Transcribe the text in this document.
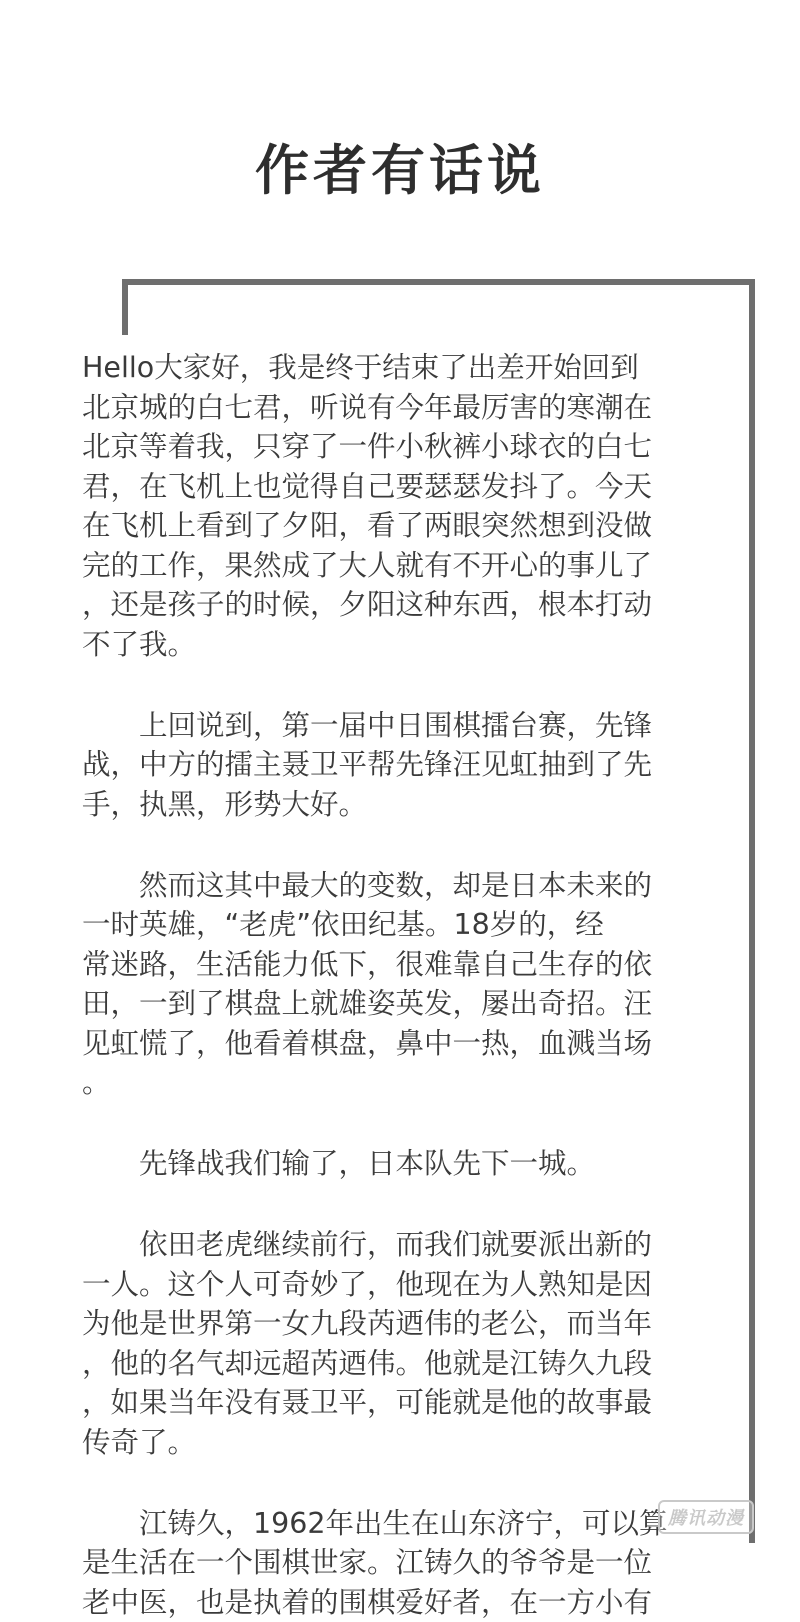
作者有话说
Hello大家好，我是终于结束了出差开始回到
北京城的白七君，听说有今年最厉害的寒潮在
北京等着我，只穿了一件小秋裤小球衣的白七
君，在飞机上也觉得自己要瑟瑟发抖了。今天
在飞机上看到了夕阳，看了两眼突然想到没做
完的工作，果然成了大人就有不开心的事儿了
，还是孩子的时候，夕阳这种东西，根本打动
不了我。
　　上回说到，第一届中日围棋擂台赛，先锋
战，中方的擂主聂卫平帮先锋汪见虹抽到了先
手，执黑，形势大好。
　　然而这其中最大的变数，却是日本未来的
一时英雄，“老虎”依田纪基。18岁的，经
常迷路，生活能力低下，很难靠自己生存的依
田，一到了棋盘上就雄姿英发，屡出奇招。汪
见虹慌了，他看着棋盘，鼻中一热，血溅当场
。
　　先锋战我们输了，日本队先下一城。
　　依田老虎继续前行，而我们就要派出新的
一人。这个人可奇妙了，他现在为人熟知是因
为他是世界第一女九段芮迺伟的老公，而当年
，他的名气却远超芮迺伟。他就是江铸久九段
，如果当年没有聂卫平，可能就是他的故事最
传奇了。
　　江铸久，1962年出生在山东济宁，可以算
是生活在一个围棋世家。江铸久的爷爷是一位
老中医，也是执着的围棋爱好者，在一方小有
腾讯动漫
